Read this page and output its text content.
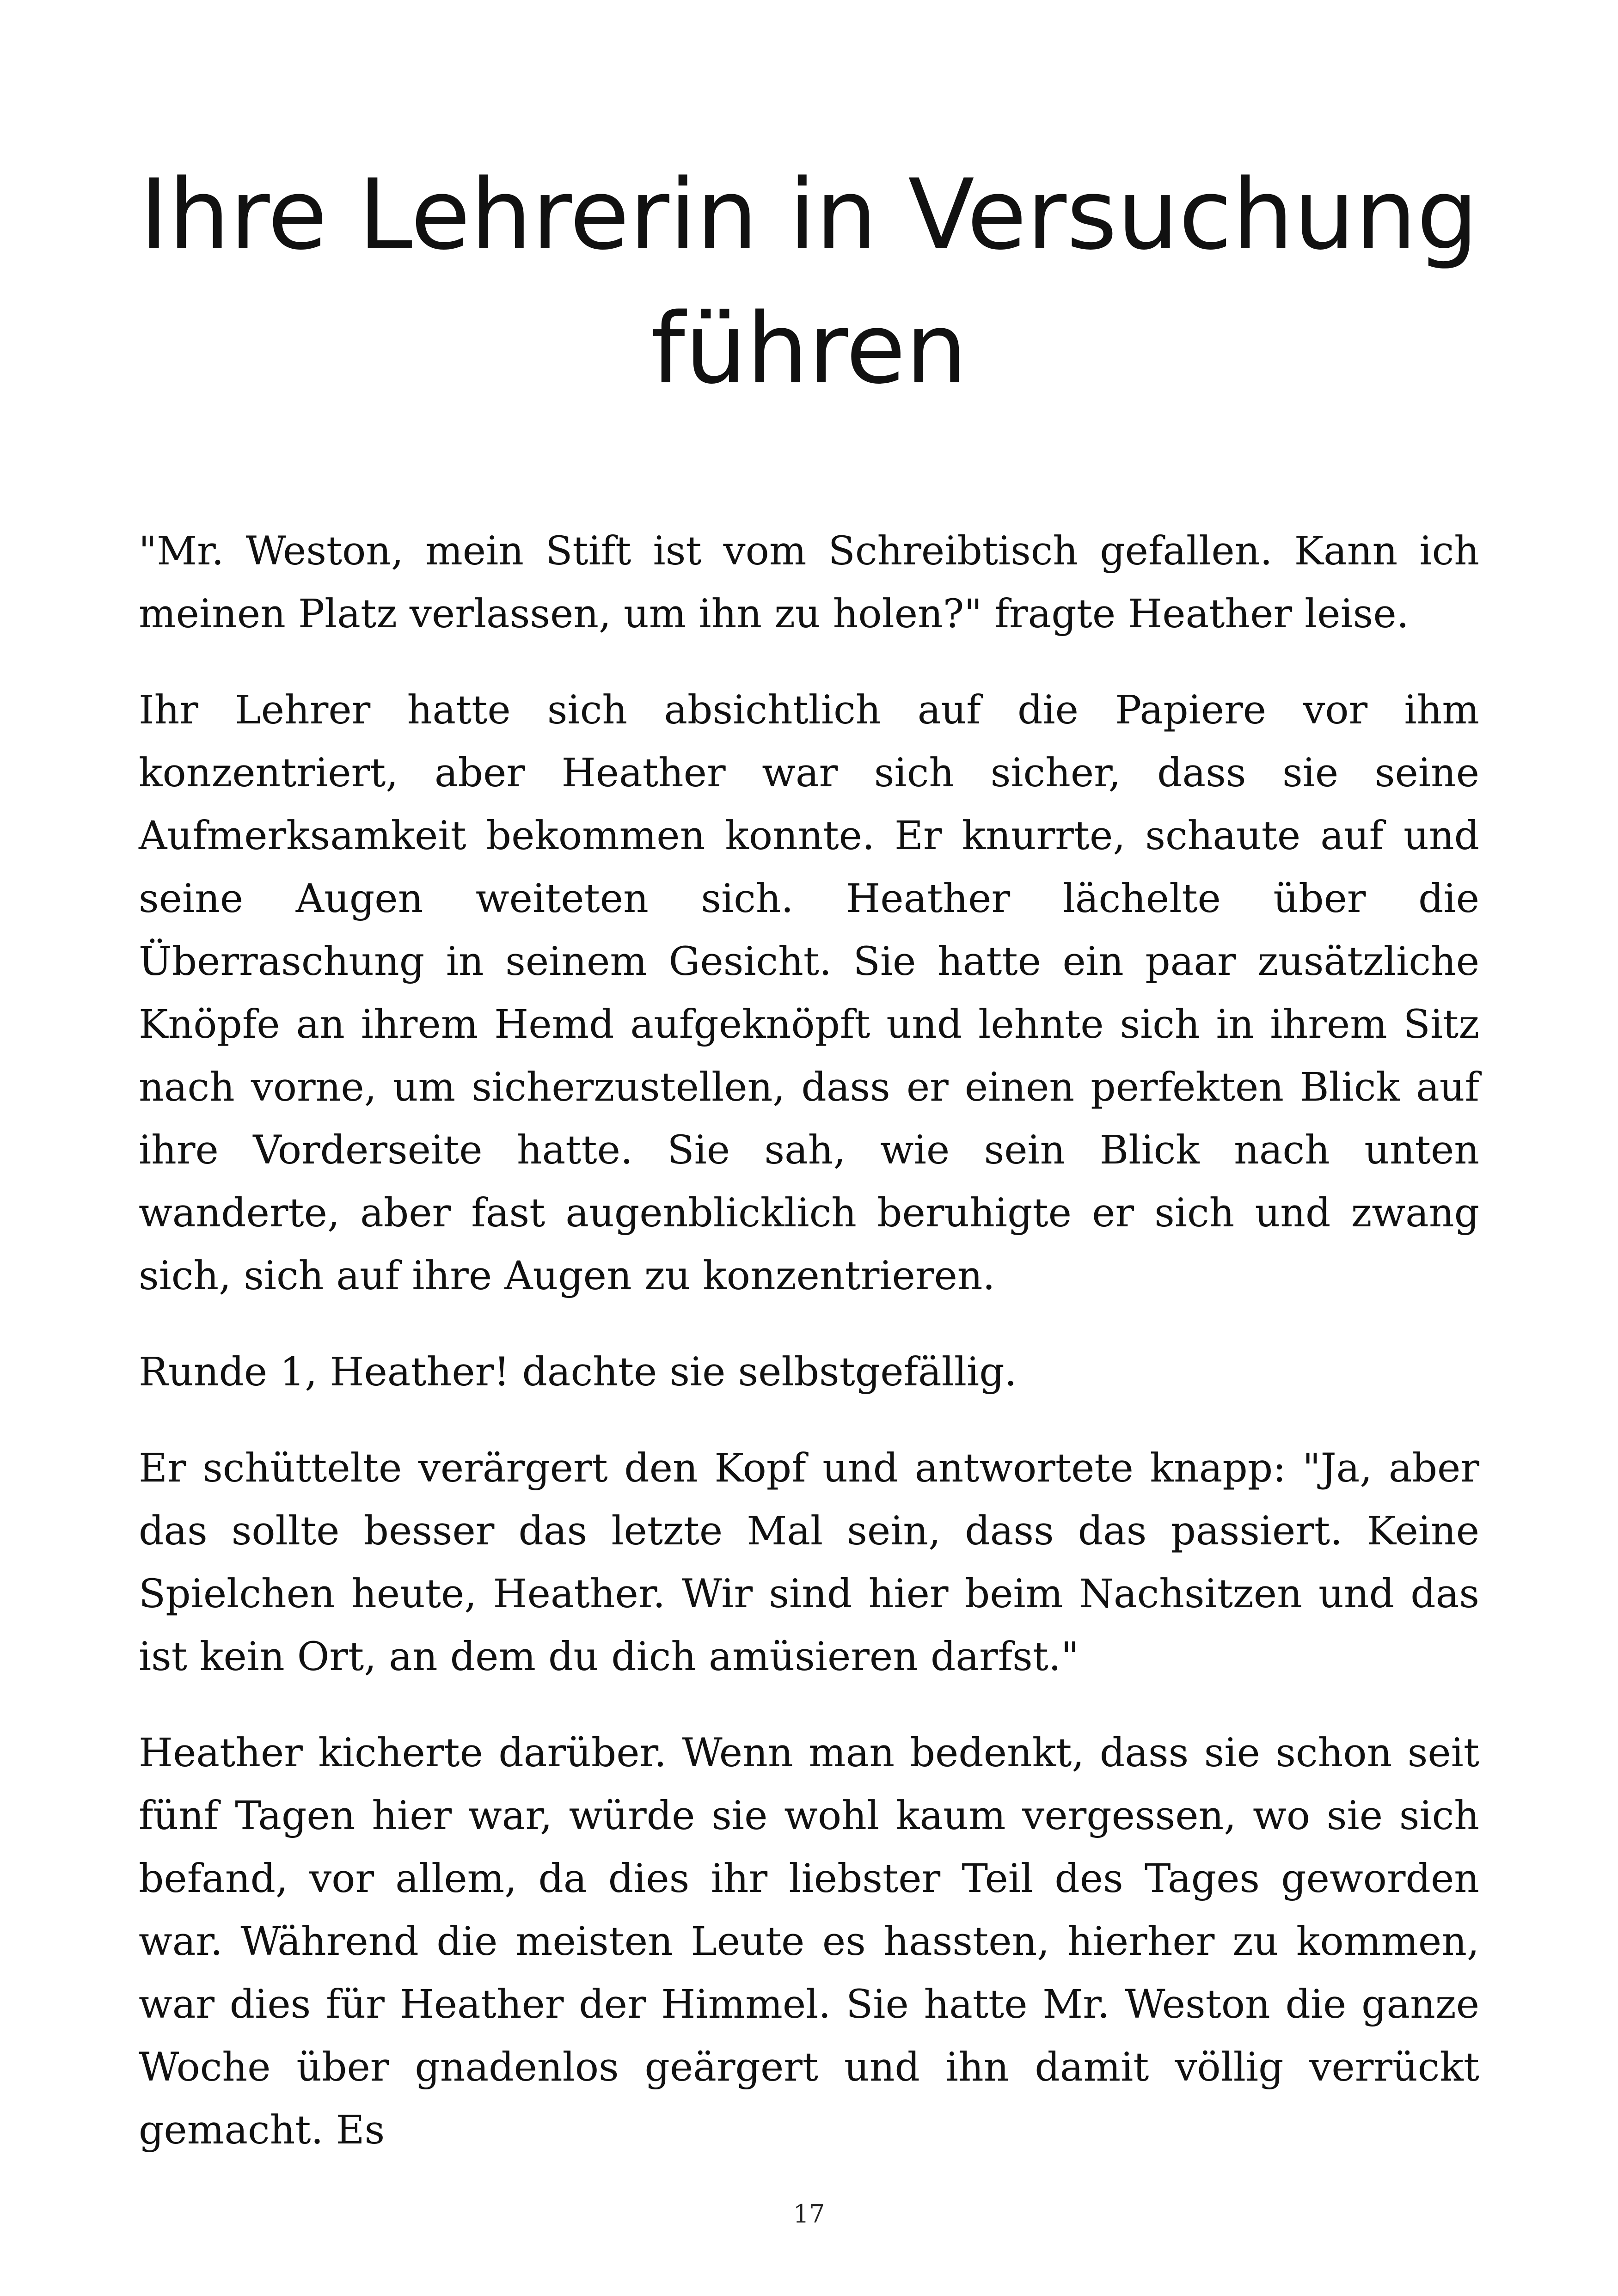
Ihre Lehrerin in Versuchung führen

"Mr. Weston, mein Stift ist vom Schreibtisch gefallen. Kann ich meinen Platz verlassen, um ihn zu holen?" fragte Heather leise.

Ihr Lehrer hatte sich absichtlich auf die Papiere vor ihm konzentriert, aber Heather war sich sicher, dass sie seine Aufmerksamkeit bekommen konnte. Er knurrte, schaute auf und seine Augen weiteten sich. Heather lächelte über die Überraschung in seinem Gesicht. Sie hatte ein paar zusätzliche Knöpfe an ihrem Hemd aufgeknöpft und lehnte sich in ihrem Sitz nach vorne, um sicherzustellen, dass er einen perfekten Blick auf ihre Vorderseite hatte. Sie sah, wie sein Blick nach unten wanderte, aber fast augenblicklich beruhigte er sich und zwang sich, sich auf ihre Augen zu konzentrieren.

Runde 1, Heather! dachte sie selbstgefällig.

Er schüttelte verärgert den Kopf und antwortete knapp: "Ja, aber das sollte besser das letzte Mal sein, dass das passiert. Keine Spielchen heute, Heather. Wir sind hier beim Nachsitzen und das ist kein Ort, an dem du dich amüsieren darfst."

Heather kicherte darüber. Wenn man bedenkt, dass sie schon seit fünf Tagen hier war, würde sie wohl kaum vergessen, wo sie sich befand, vor allem, da dies ihr liebster Teil des Tages geworden war. Während die meisten Leute es hassten, hierher zu kommen, war dies für Heather der Himmel. Sie hatte Mr. Weston die ganze Woche über gnadenlos geärgert und ihn damit völlig verrückt gemacht. Es

17
